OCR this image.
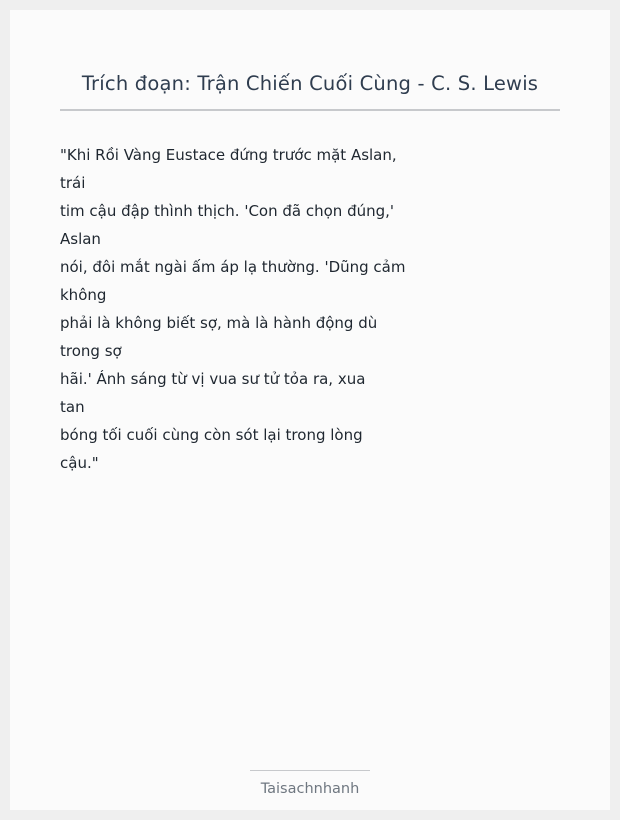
Trích đoạn: Trận Chiến Cuối Cùng - C. S. Lewis

"Khi Rồi Vàng Eustace đứng trước mặt Aslan,
trái
tim cậu đập thình thịch. 'Con đã chọn đúng,'
Aslan
nói, đôi mắt ngài ấm áp lạ thường. 'Dũng cảm
không
phải là không biết sợ, mà là hành động dù
trong sợ
hãi.' Ánh sáng từ vị vua sư tử tỏa ra, xua
tan
bóng tối cuối cùng còn sót lại trong lòng
cậu."

Taisachnhanh
